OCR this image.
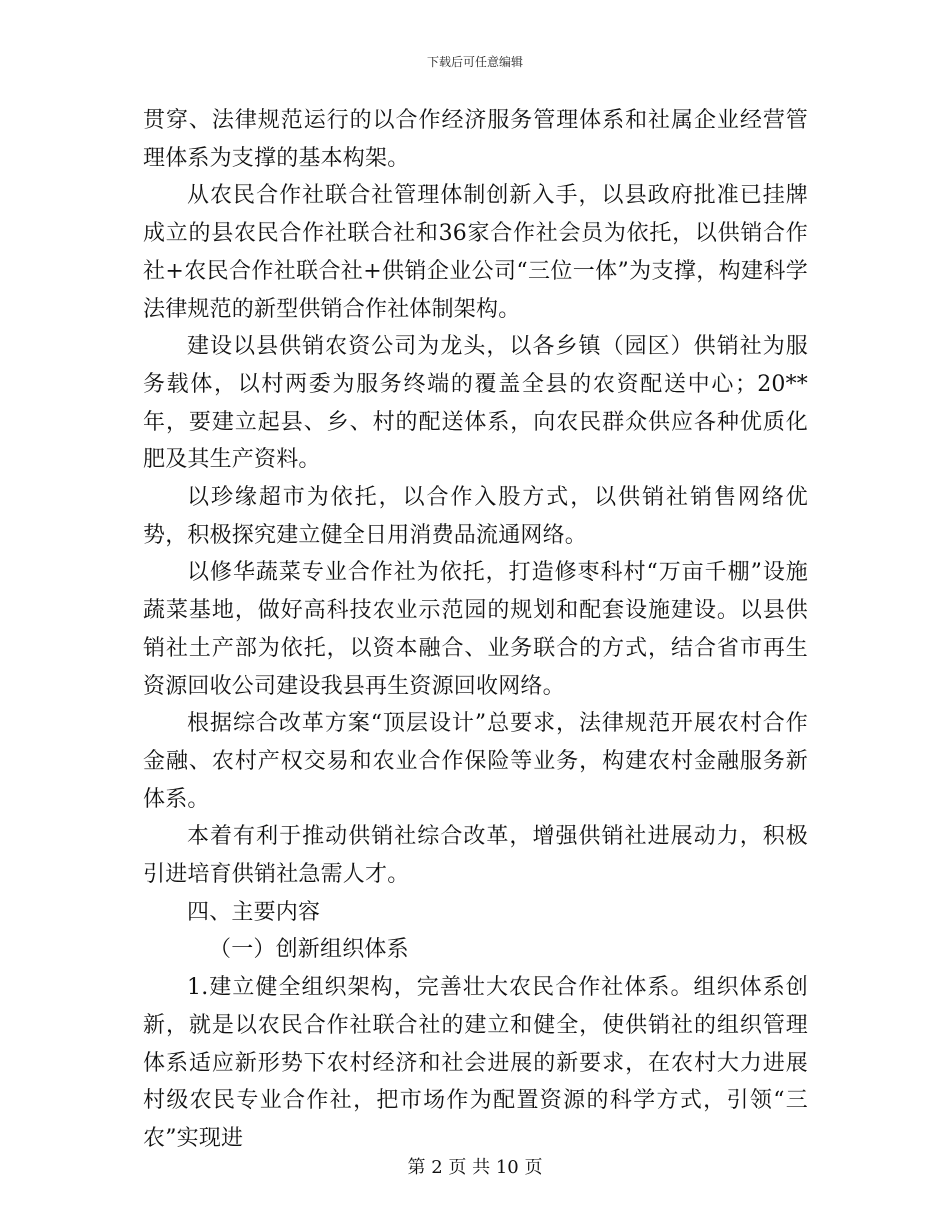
下载后可任意编辑

贯穿、法律规范运行的以合作经济服务管理体系和社属企业经营管理体系为支撑的基本构架。

从农民合作社联合社管理体制创新入手，以县政府批准已挂牌成立的县农民合作社联合社和36家合作社会员为依托，以供销合作社+农民合作社联合社+供销企业公司“三位一体”为支撑，构建科学法律规范的新型供销合作社体制架构。

建设以县供销农资公司为龙头，以各乡镇（园区）供销社为服务载体，以村两委为服务终端的覆盖全县的农资配送中心；20**年，要建立起县、乡、村的配送体系，向农民群众供应各种优质化肥及其生产资料。

以珍缘超市为依托，以合作入股方式，以供销社销售网络优势，积极探究建立健全日用消费品流通网络。

以修华蔬菜专业合作社为依托，打造修枣科村“万亩千棚”设施蔬菜基地，做好高科技农业示范园的规划和配套设施建设。以县供销社土产部为依托，以资本融合、业务联合的方式，结合省市再生资源回收公司建设我县再生资源回收网络。

根据综合改革方案“顶层设计”总要求，法律规范开展农村合作金融、农村产权交易和农业合作保险等业务，构建农村金融服务新体系。

本着有利于推动供销社综合改革，增强供销社进展动力，积极引进培育供销社急需人才。

四、主要内容

（一）创新组织体系

1.建立健全组织架构，完善壮大农民合作社体系。组织体系创新，就是以农民合作社联合社的建立和健全，使供销社的组织管理体系适应新形势下农村经济和社会进展的新要求，在农村大力进展村级农民专业合作社，把市场作为配置资源的科学方式，引领“三农”实现进

第 2 页 共 10 页
